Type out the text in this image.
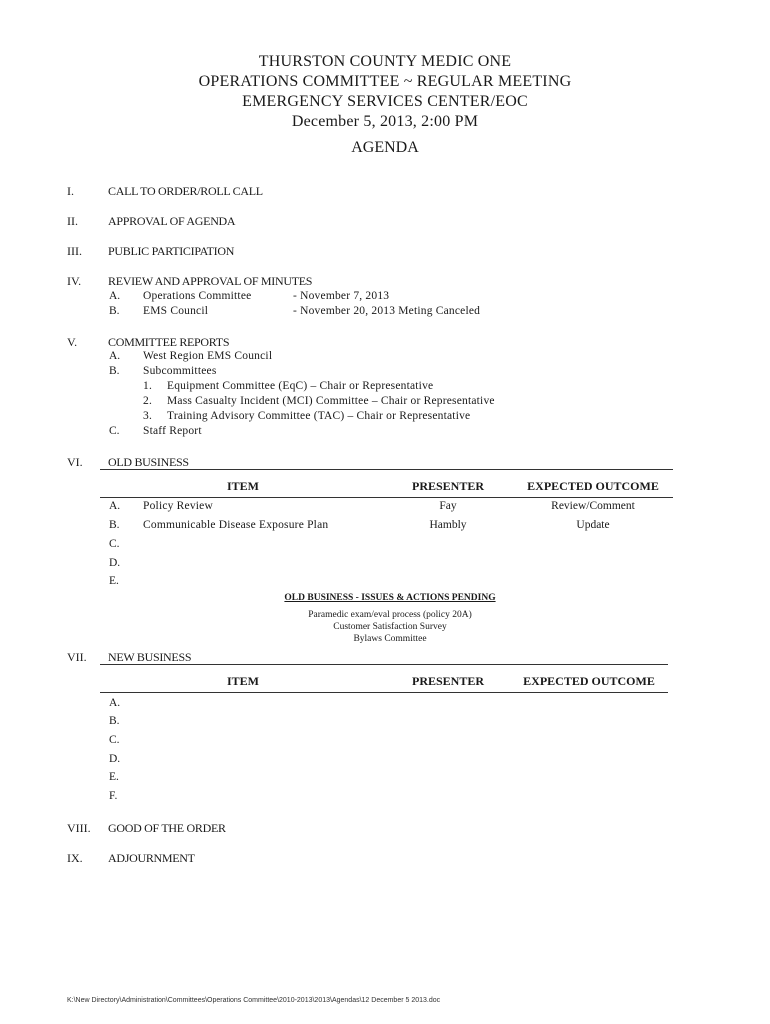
THURSTON COUNTY MEDIC ONE
OPERATIONS COMMITTEE ~ REGULAR MEETING
EMERGENCY SERVICES CENTER/EOC
December 5, 2013, 2:00 PM
AGENDA
I.	CALL TO ORDER/ROLL CALL
II.	APPROVAL OF AGENDA
III. PUBLIC PARTICIPATION
IV. REVIEW AND APPROVAL OF MINUTES
A. Operations Committee	- November 7, 2013
B. EMS Council	- November 20, 2013 Meting Canceled
V.	COMMITTEE REPORTS
A. West Region EMS Council
B. Subcommittees
1. Equipment Committee (EqC) – Chair or Representative
2. Mass Casualty Incident (MCI) Committee – Chair or Representative
3. Training Advisory Committee (TAC) – Chair or Representative
C. Staff Report
VI. OLD BUSINESS
ITEM	PRESENTER	EXPECTED OUTCOME
A. Policy Review	Fay	Review/Comment
B. Communicable Disease Exposure Plan	Hambly	Update
C.
D.
E.
OLD BUSINESS - ISSUES & ACTIONS PENDING
Paramedic exam/eval process (policy 20A)
Customer Satisfaction Survey
Bylaws Committee
VII. NEW BUSINESS
ITEM	PRESENTER	EXPECTED OUTCOME
A.
B.
C.
D.
E.
F.
VIII. GOOD OF THE ORDER
IX. ADJOURNMENT
K:\New Directory\Administration\Committees\Operations Committee\2010-2013\2013\Agendas\12 December 5 2013.doc
